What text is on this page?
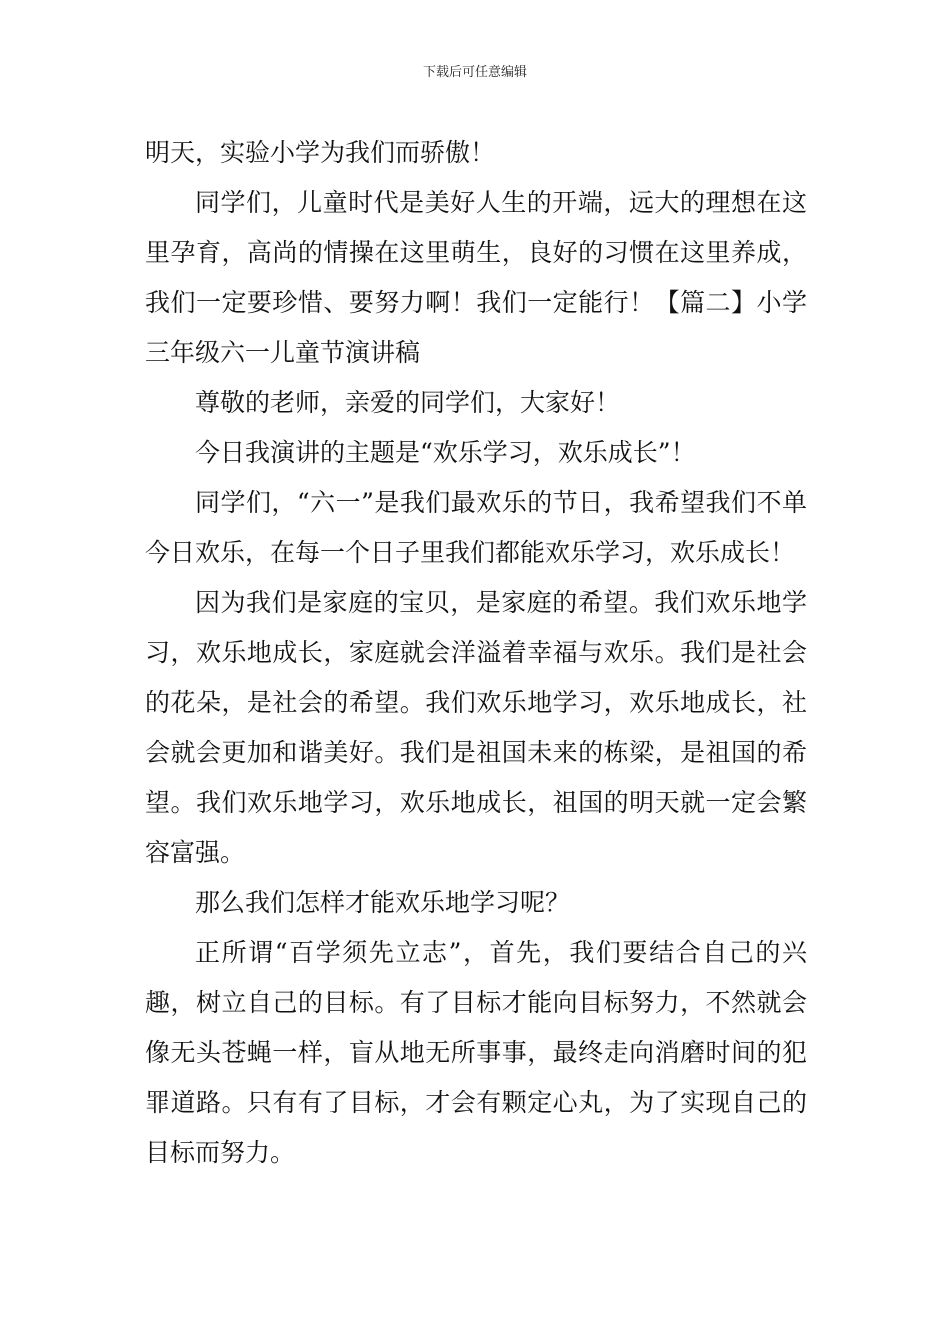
下载后可任意编辑

明天，实验小学为我们而骄傲！

同学们，儿童时代是美好人生的开端，远大的理想在这里孕育，高尚的情操在这里萌生，良好的习惯在这里养成，我们一定要珍惜、要努力啊！我们一定能行！【篇二】小学三年级六一儿童节演讲稿

尊敬的老师，亲爱的同学们，大家好！

今日我演讲的主题是“欢乐学习，欢乐成长”！

同学们，“六一”是我们最欢乐的节日，我希望我们不单今日欢乐，在每一个日子里我们都能欢乐学习，欢乐成长！

因为我们是家庭的宝贝，是家庭的希望。我们欢乐地学习，欢乐地成长，家庭就会洋溢着幸福与欢乐。我们是社会的花朵，是社会的希望。我们欢乐地学习，欢乐地成长，社会就会更加和谐美好。我们是祖国未来的栋梁，是祖国的希望。我们欢乐地学习，欢乐地成长，祖国的明天就一定会繁容富强。

那么我们怎样才能欢乐地学习呢？

正所谓“百学须先立志”，首先，我们要结合自己的兴趣，树立自己的目标。有了目标才能向目标努力，不然就会像无头苍蝇一样，盲从地无所事事，最终走向消磨时间的犯罪道路。只有有了目标，才会有颗定心丸，为了实现自己的目标而努力。
